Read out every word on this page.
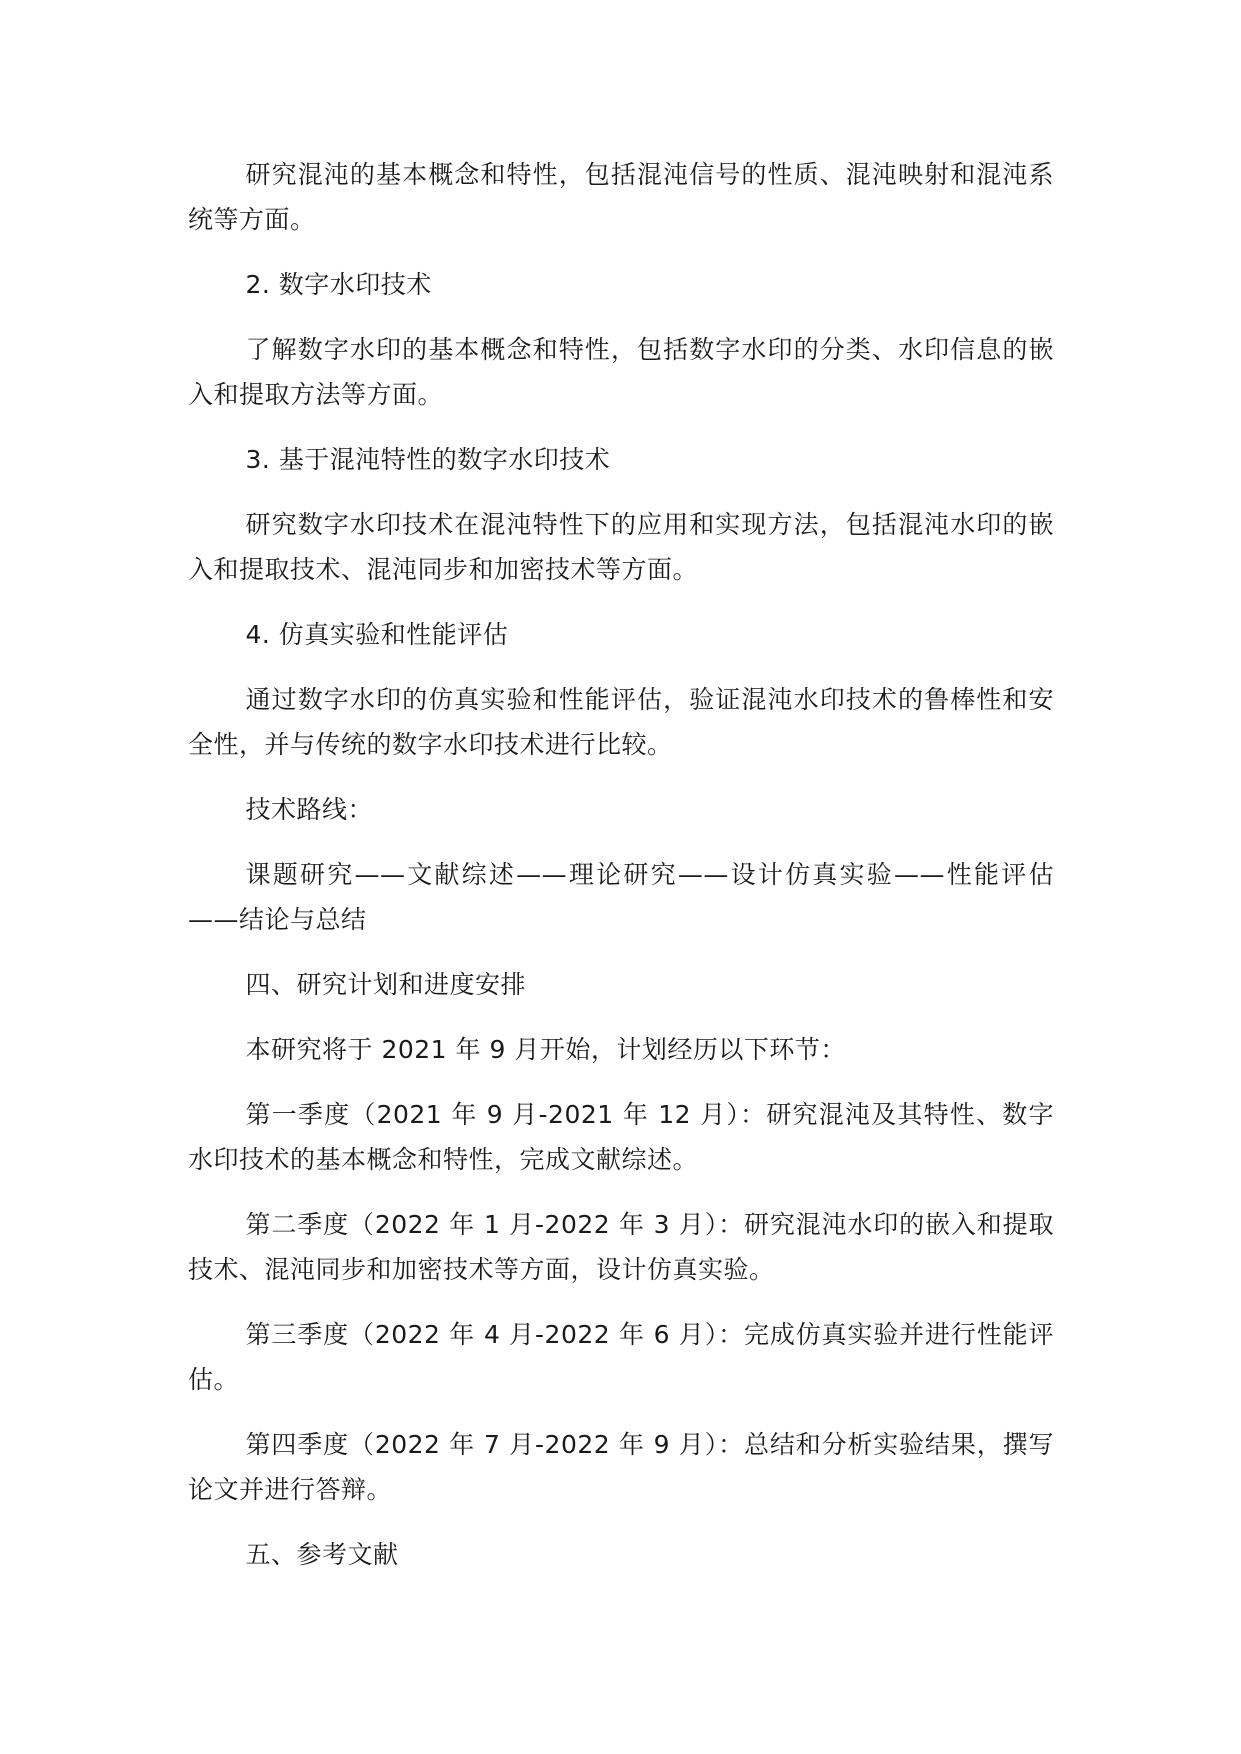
研究混沌的基本概念和特性，包括混沌信号的性质、混沌映射和混沌系统等方面。

2. 数字水印技术

了解数字水印的基本概念和特性，包括数字水印的分类、水印信息的嵌入和提取方法等方面。

3. 基于混沌特性的数字水印技术

研究数字水印技术在混沌特性下的应用和实现方法，包括混沌水印的嵌入和提取技术、混沌同步和加密技术等方面。

4. 仿真实验和性能评估

通过数字水印的仿真实验和性能评估，验证混沌水印技术的鲁棒性和安全性，并与传统的数字水印技术进行比较。

技术路线：

课题研究——文献综述——理论研究——设计仿真实验——性能评估——结论与总结

四、研究计划和进度安排

本研究将于 2021 年 9 月开始，计划经历以下环节：

第一季度（2021 年 9 月-2021 年 12 月）：研究混沌及其特性、数字水印技术的基本概念和特性，完成文献综述。

第二季度（2022 年 1 月-2022 年 3 月）：研究混沌水印的嵌入和提取技术、混沌同步和加密技术等方面，设计仿真实验。

第三季度（2022 年 4 月-2022 年 6 月）：完成仿真实验并进行性能评估。

第四季度（2022 年 7 月-2022 年 9 月）：总结和分析实验结果，撰写论文并进行答辩。

五、参考文献
